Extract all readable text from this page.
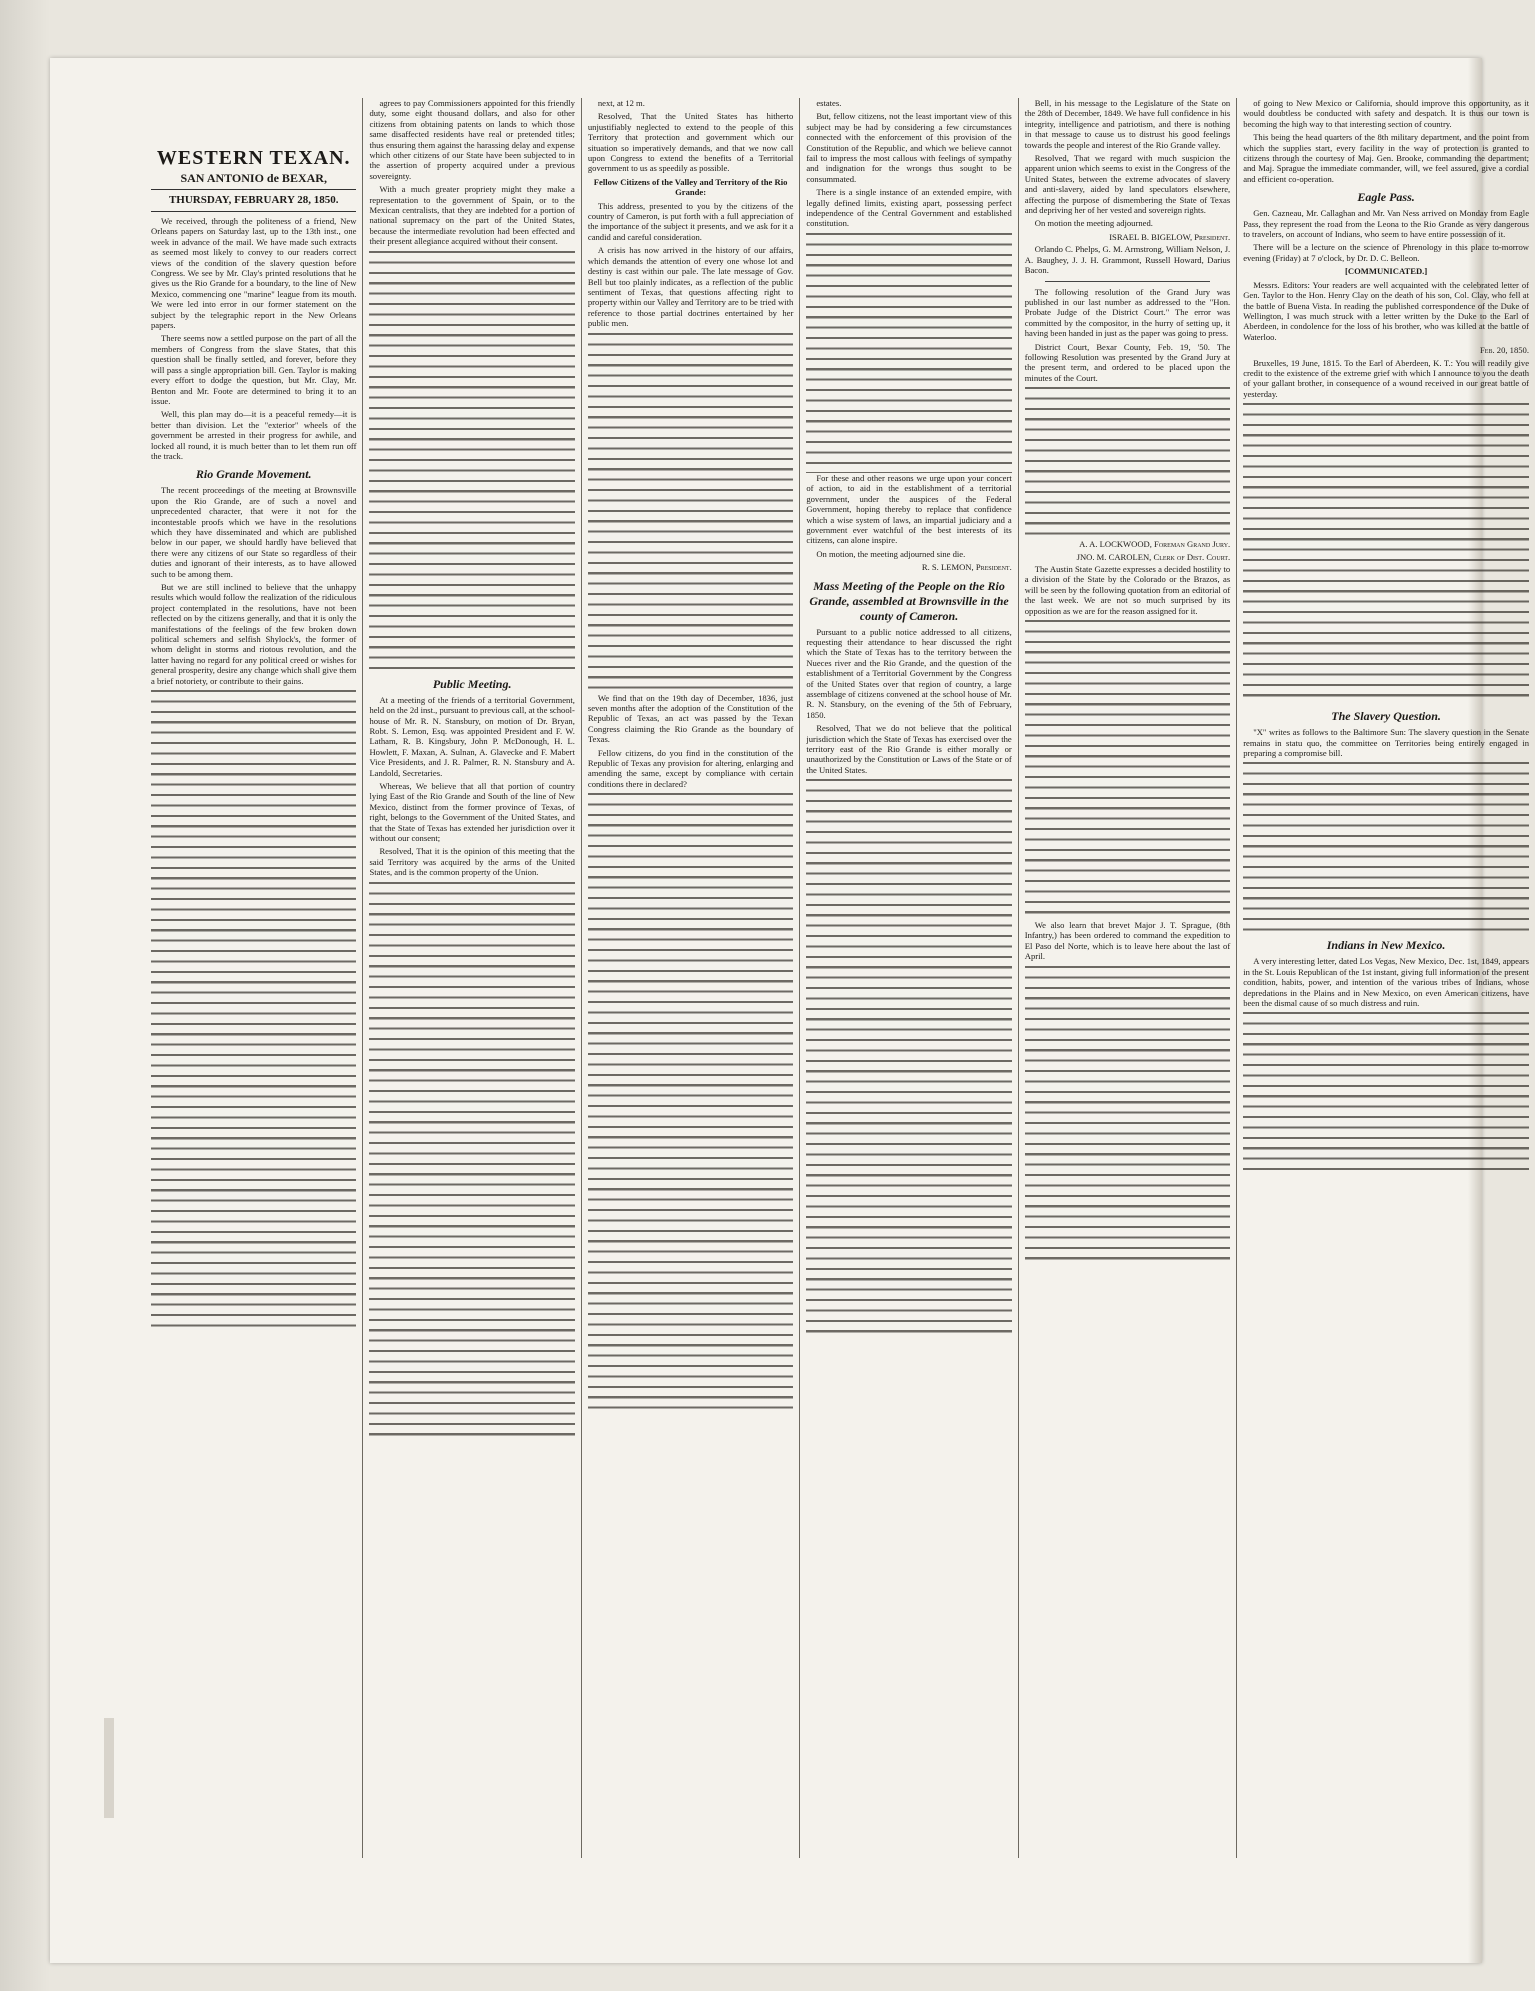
WESTERN TEXAN.
SAN ANTONIO de BEXAR,
THURSDAY, FEBRUARY 28, 1850.

We received, through the politeness of a friend, New Orleans papers on Saturday last, up to the 13th inst., one week in advance of the mail. We have made such extracts as seemed most likely to convey to our readers correct views of the condition of the slavery question before Congress. We see by Mr. Clay's printed resolutions that he gives us the Rio Grande for a boundary, to the line of New Mexico, commencing one "marine" league from its mouth. We were led into error in our former statement on the subject by the telegraphic report in the New Orleans papers.

There seems now a settled purpose on the part of all the members of Congress from the slave States, that this question shall be finally settled, and forever, before they will pass a single appropriation bill. Gen. Taylor is making every effort to dodge the question, but Mr. Clay, Mr. Benton and Mr. Foote are determined to bring it to an issue.

Well, this plan may do—it is a peaceful remedy—it is better than division. Let the "exterior" wheels of the government be arrested in their progress for awhile, and locked all round, it is much better than to let them run off the track.

Rio Grande Movement.

The recent proceedings of the meeting at Brownsville upon the Rio Grande, are of such a novel and unprecedented character, that were it not for the incontestable proofs which we have in the resolutions which they have disseminated and which are published below in our paper, we should hardly have believed that there were any citizens of our State so regardless of their duties and ignorant of their interests, as to have allowed such to be among them.

But we are still inclined to believe that the unhappy results which would follow the realization of the ridiculous project contemplated in the resolutions, have not been reflected on by the citizens generally, and that it is only the manifestations of the feelings of the few broken down political schemers and selfish Shylock's, the former of whom delight in storms and riotous revolution, and the latter having no regard for any political creed or wishes for general prosperity, desire any change which shall give them a brief notoriety, or contribute to their gains.

agrees to pay Commissioners appointed for this friendly duty, some eight thousand dollars, and also for other citizens from obtaining patents on lands to which those same disaffected residents have real or pretended titles; thus ensuring them against the harassing delay and expense which other citizens of our State have been subjected to in the assertion of property acquired under a previous sovereignty.

With a much greater propriety might they make a representation to the government of Spain, or to the Mexican centralists, that they are indebted for a portion of national supremacy on the part of the United States, because the intermediate revolution had been effected and their present allegiance acquired without their consent.

Public Meeting.

At a meeting of the friends of a territorial Government, held on the 2d inst., pursuant to previous call, at the school-house of Mr. R. N. Stansbury, on motion of Dr. Bryan, Robt. S. Lemon, Esq. was appointed President and F. W. Latham, R. B. Kingsbury, John P. McDonough, H. L. Howlett, F. Maxan, A. Sulnan, A. Glavecke and F. Mabert Vice Presidents, and J. R. Palmer, R. N. Stansbury and A. Landold, Secretaries.

Whereas, We believe that all that portion of country lying East of the Rio Grande and South of the line of New Mexico, distinct from the former province of Texas, of right, belongs to the Government of the United States, and that the State of Texas has extended her jurisdiction over it without our consent;

Resolved, That it is the opinion of this meeting that the said Territory was acquired by the arms of the United States, and is the common property of the Union.

next, at 12 m.

Resolved, That the United States has hitherto unjustifiably neglected to extend to the people of this Territory that protection and government which our situation so imperatively demands, and that we now call upon Congress to extend the benefits of a Territorial government to us as speedily as possible.

Fellow Citizens of the Valley and Territory of the Rio Grande:

This address, presented to you by the citizens of the country of Cameron, is put forth with a full appreciation of the importance of the subject it presents, and we ask for it a candid and careful consideration.

A crisis has now arrived in the history of our affairs, which demands the attention of every one whose lot and destiny is cast within our pale. The late message of Gov. Bell but too plainly indicates, as a reflection of the public sentiment of Texas, that questions affecting right to property within our Valley and Territory are to be tried with reference to those partial doctrines entertained by her public men.

We find that on the 19th day of December, 1836, just seven months after the adoption of the Constitution of the Republic of Texas, an act was passed by the Texan Congress claiming the Rio Grande as the boundary of Texas.

Fellow citizens, do you find in the constitution of the Republic of Texas any provision for altering, enlarging and amending the same, except by compliance with certain conditions there in declared?

estates.

But, fellow citizens, not the least important view of this subject may be had by considering a few circumstances connected with the enforcement of this provision of the Constitution of the Republic, and which we believe cannot fail to impress the most callous with feelings of sympathy and indignation for the wrongs thus sought to be consummated.

There is a single instance of an extended empire, with legally defined limits, existing apart, possessing perfect independence of the Central Government and established constitution.

For these and other reasons we urge upon your concert of action, to aid in the establishment of a territorial government, under the auspices of the Federal Government, hoping thereby to replace that confidence which a wise system of laws, an impartial judiciary and a government ever watchful of the best interests of its citizens, can alone inspire.

On motion, the meeting adjourned sine die.

R. S. LEMON, President.
Mass Meeting of the People on the Rio Grande, assembled at Brownsville in the county of Cameron.

Pursuant to a public notice addressed to all citizens, requesting their attendance to hear discussed the right which the State of Texas has to the territory between the Nueces river and the Rio Grande, and the question of the establishment of a Territorial Government by the Congress of the United States over that region of country, a large assemblage of citizens convened at the school house of Mr. R. N. Stansbury, on the evening of the 5th of February, 1850.

Resolved, That we do not believe that the political jurisdiction which the State of Texas has exercised over the territory east of the Rio Grande is either morally or unauthorized by the Constitution or Laws of the State or of the United States.

Bell, in his message to the Legislature of the State on the 28th of December, 1849. We have full confidence in his integrity, intelligence and patriotism, and there is nothing in that message to cause us to distrust his good feelings towards the people and interest of the Rio Grande valley.

Resolved, That we regard with much suspicion the apparent union which seems to exist in the Congress of the United States, between the extreme advocates of slavery and anti-slavery, aided by land speculators elsewhere, affecting the purpose of dismembering the State of Texas and depriving her of her vested and sovereign rights.

On motion the meeting adjourned.

ISRAEL B. BIGELOW, President.

Orlando C. Phelps, G. M. Armstrong, William Nelson, J. A. Baughey, J. J. H. Grammont, Russell Howard, Darius Bacon.

The following resolution of the Grand Jury was published in our last number as addressed to the "Hon. Probate Judge of the District Court." The error was committed by the compositor, in the hurry of setting up, it having been handed in just as the paper was going to press.

District Court, Bexar County, Feb. 19, '50. The following Resolution was presented by the Grand Jury at the present term, and ordered to be placed upon the minutes of the Court.

A. A. LOCKWOOD, Foreman Grand Jury.
JNO. M. CAROLEN, Clerk of Dist. Court.

The Austin State Gazette expresses a decided hostility to a division of the State by the Colorado or the Brazos, as will be seen by the following quotation from an editorial of the last week. We are not so much surprised by its opposition as we are for the reason assigned for it.

We also learn that brevet Major J. T. Sprague, (8th Infantry,) has been ordered to command the expedition to El Paso del Norte, which is to leave here about the last of April.

of going to New Mexico or California, should improve this opportunity, as it would doubtless be conducted with safety and despatch. It is thus our town is becoming the high way to that interesting section of country.

This being the head quarters of the 8th military department, and the point from which the supplies start, every facility in the way of protection is granted to citizens through the courtesy of Maj. Gen. Brooke, commanding the department; and Maj. Sprague the immediate commander, will, we feel assured, give a cordial and efficient co-operation.

Eagle Pass.

Gen. Cazneau, Mr. Callaghan and Mr. Van Ness arrived on Monday from Eagle Pass, they represent the road from the Leona to the Rio Grande as very dangerous to travelers, on account of Indians, who seem to have entire possession of it.

There will be a lecture on the science of Phrenology in this place to-morrow evening (Friday) at 7 o'clock, by Dr. D. C. Belleon.

[COMMUNICATED.]

Messrs. Editors: Your readers are well acquainted with the celebrated letter of Gen. Taylor to the Hon. Henry Clay on the death of his son, Col. Clay, who fell at the battle of Buena Vista. In reading the published correspondence of the Duke of Wellington, I was much struck with a letter written by the Duke to the Earl of Aberdeen, in condolence for the loss of his brother, who was killed at the battle of Waterloo.

Feb. 20, 1850.

Bruxelles, 19 June, 1815. To the Earl of Aberdeen, K. T.: You will readily give credit to the existence of the extreme grief with which I announce to you the death of your gallant brother, in consequence of a wound received in our great battle of yesterday.

The Slavery Question.

"X" writes as follows to the Baltimore Sun: The slavery question in the Senate remains in statu quo, the committee on Territories being entirely engaged in preparing a compromise bill.

Indians in New Mexico.

A very interesting letter, dated Los Vegas, New Mexico, Dec. 1st, 1849, appears in the St. Louis Republican of the 1st instant, giving full information of the present condition, habits, power, and intention of the various tribes of Indians, whose depredations in the Plains and in New Mexico, on even American citizens, have been the dismal cause of so much distress and ruin.
